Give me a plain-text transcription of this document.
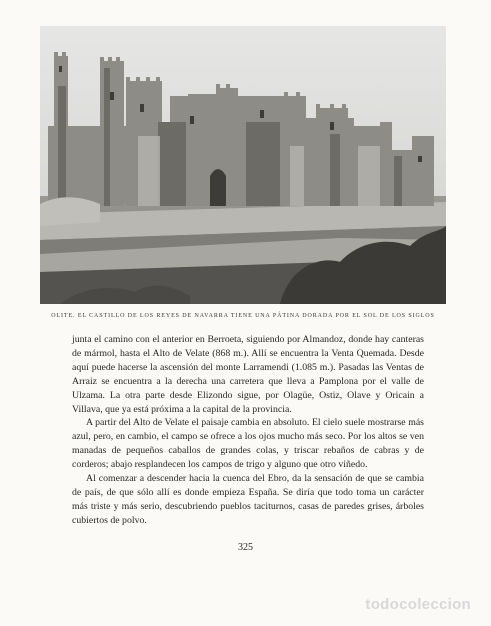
OLITE. EL CASTILLO DE LOS REYES DE NAVARRA TIENE UNA PÁTINA DORADA POR EL SOL DE LOS SIGLOS

junta el camino con el anterior en Berroeta, siguiendo por Almandoz, donde hay canteras de mármol, hasta el Alto de Velate (868 m.). Allí se encuentra la Venta Quemada. Desde aquí puede hacerse la ascensión del monte Larramendi (1.085 m.). Pasadas las Ventas de Arraiz se encuentra a la derecha una carretera que lleva a Pamplona por el valle de Ulzama. La otra parte desde Elizondo sigue, por Olagüe, Ostiz, Olave y Oricain a Villava, que ya está próxima a la capital de la provincia.

A partir del Alto de Velate el paisaje cambia en absoluto. El cielo suele mostrarse más azul, pero, en cambio, el campo se ofrece a los ojos mucho más seco. Por los altos se ven manadas de pequeños caballos de grandes colas, y triscar rebaños de cabras y de corderos; abajo resplandecen los campos de trigo y alguno que otro viñedo.

Al comenzar a descender hacia la cuenca del Ebro, da la sensación de que se cambia de país, de que sólo allí es donde empieza España. Se diría que todo toma un carácter más triste y más serio, descubriendo pueblos taciturnos, casas de paredes grises, árboles cubiertos de polvo.

325
todocoleccion
